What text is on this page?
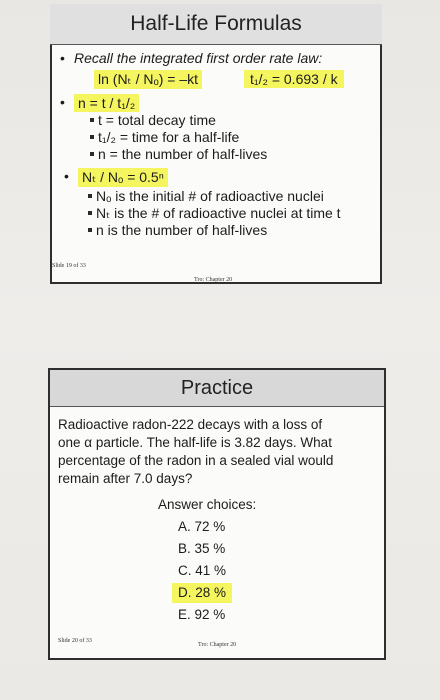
Half-Life Formulas
• Recall the integrated first order rate law:
ln (Nₜ / Nₒ) = –kt	t₁/₂ = 0.693 / k
• n = t / t₁/₂
t = total decay time
t₁/₂ = time for a half-life
n = the number of half-lives
• Nₜ / Nₒ = 0.5ⁿ
Nₒ is the initial # of radioactive nuclei
Nₜ is the # of radioactive nuclei at time t
n is the number of half-lives
Slide 19 of 33
Tro: Chapter 20
Practice
Radioactive radon-222 decays with a loss of
one α particle. The half-life is 3.82 days. What
percentage of the radon in a sealed vial would
remain after 7.0 days?
Answer choices:
A. 72 %
B. 35 %
C. 41 %
D. 28 %
E. 92 %
Slide 20 of 33
Tro: Chapter 20
